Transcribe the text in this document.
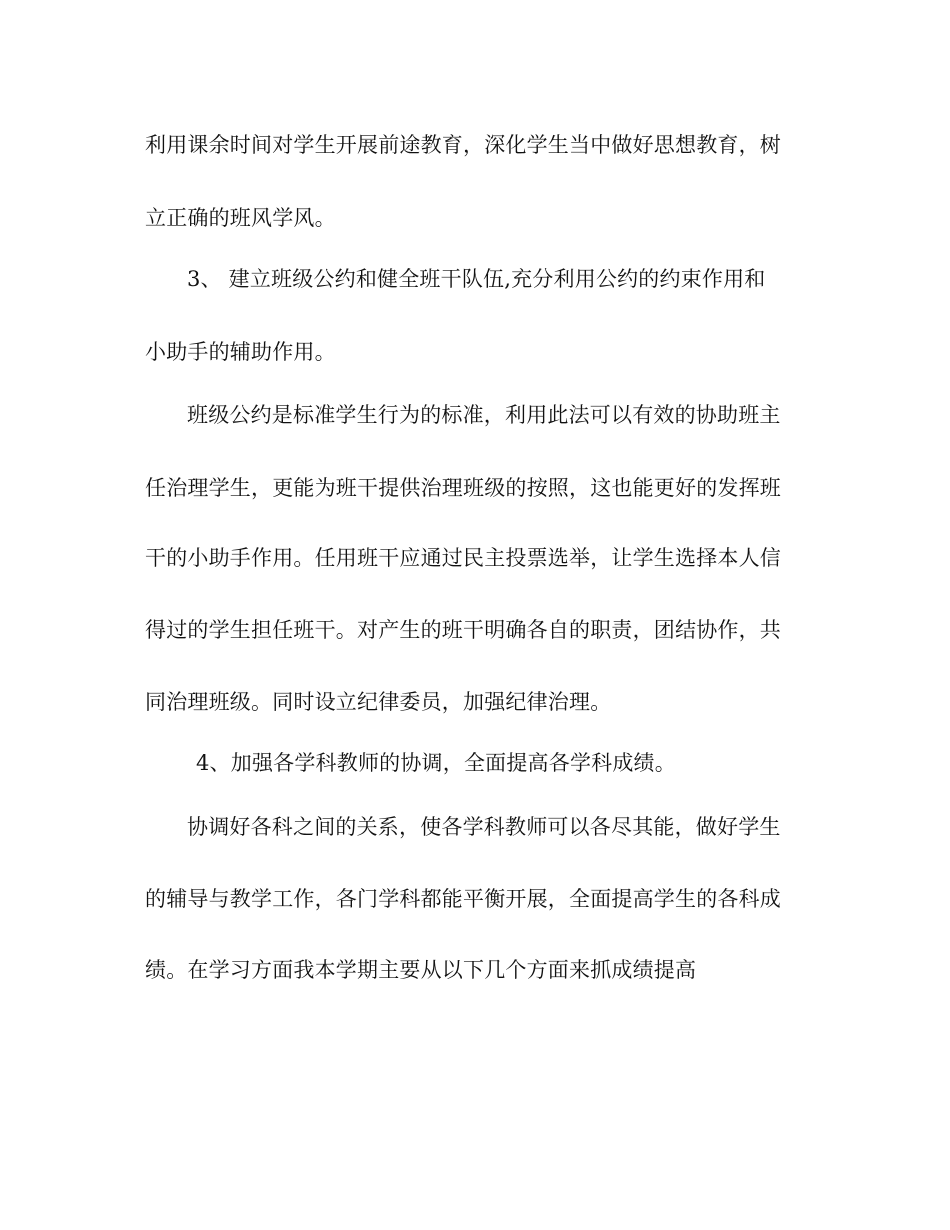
利用课余时间对学生开展前途教育，深化学生当中做好思想教育，树
立正确的班风学风。
3、 建立班级公约和健全班干队伍,充分利用公约的约束作用和
小助手的辅助作用。
班级公约是标准学生行为的标准，利用此法可以有效的协助班主
任治理学生，更能为班干提供治理班级的按照，这也能更好的发挥班
干的小助手作用。任用班干应通过民主投票选举，让学生选择本人信
得过的学生担任班干。对产生的班干明确各自的职责，团结协作，共
同治理班级。同时设立纪律委员，加强纪律治理。
4、加强各学科教师的协调，全面提高各学科成绩。
协调好各科之间的关系，使各学科教师可以各尽其能，做好学生
的辅导与教学工作，各门学科都能平衡开展，全面提高学生的各科成
绩。在学习方面我本学期主要从以下几个方面来抓成绩提高
